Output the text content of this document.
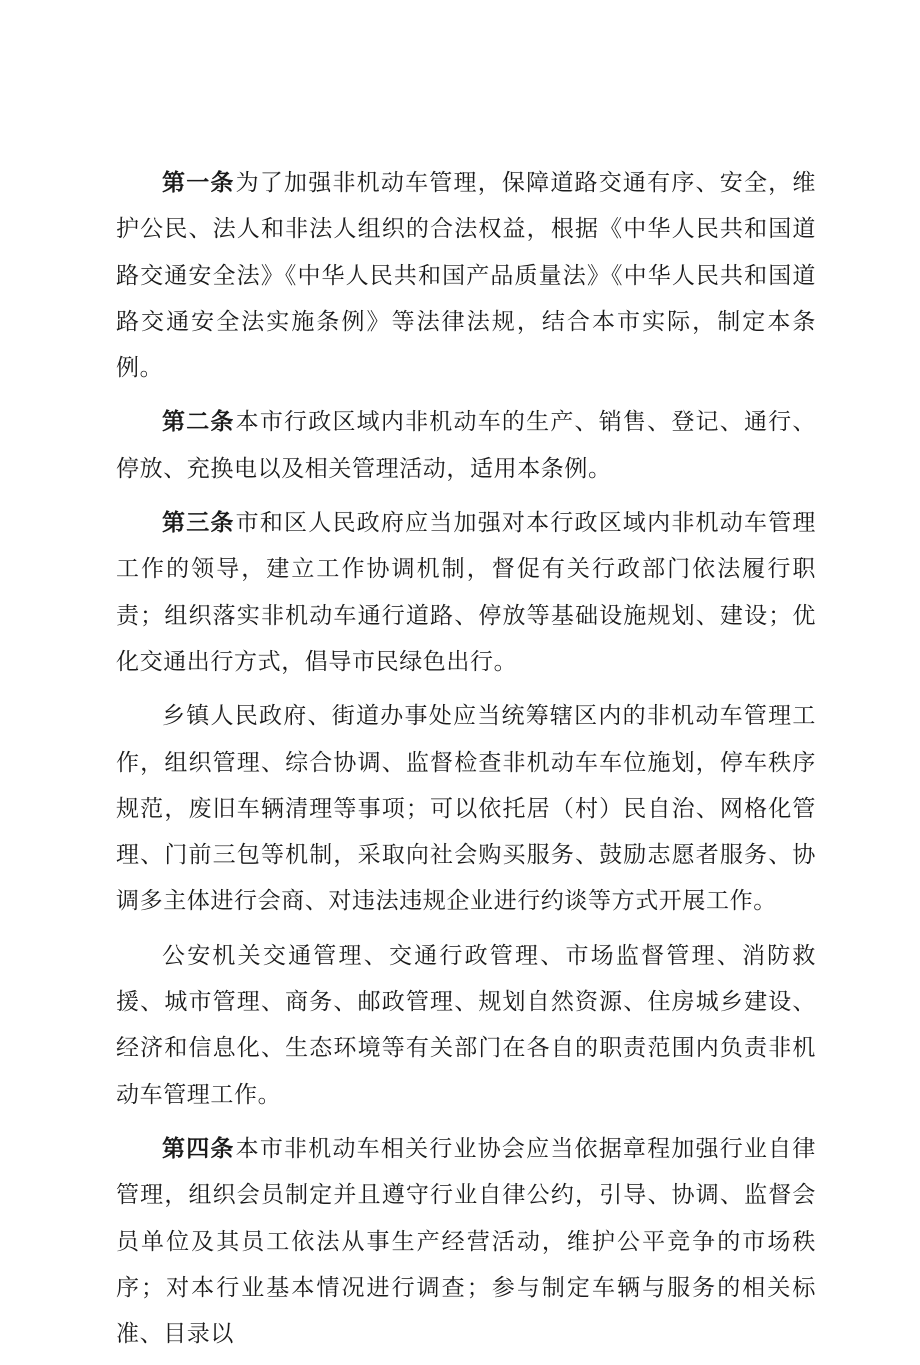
第一条为了加强非机动车管理，保障道路交通有序、安全，维护公民、法人和非法人组织的合法权益，根据《中华人民共和国道路交通安全法》《中华人民共和国产品质量法》《中华人民共和国道路交通安全法实施条例》等法律法规，结合本市实际，制定本条例。

第二条本市行政区域内非机动车的生产、销售、登记、通行、停放、充换电以及相关管理活动，适用本条例。

第三条市和区人民政府应当加强对本行政区域内非机动车管理工作的领导，建立工作协调机制，督促有关行政部门依法履行职责；组织落实非机动车通行道路、停放等基础设施规划、建设；优化交通出行方式，倡导市民绿色出行。

乡镇人民政府、街道办事处应当统筹辖区内的非机动车管理工作，组织管理、综合协调、监督检查非机动车车位施划，停车秩序规范，废旧车辆清理等事项；可以依托居（村）民自治、网格化管理、门前三包等机制，采取向社会购买服务、鼓励志愿者服务、协调多主体进行会商、对违法违规企业进行约谈等方式开展工作。

公安机关交通管理、交通行政管理、市场监督管理、消防救援、城市管理、商务、邮政管理、规划自然资源、住房城乡建设、经济和信息化、生态环境等有关部门在各自的职责范围内负责非机动车管理工作。

第四条本市非机动车相关行业协会应当依据章程加强行业自律管理，组织会员制定并且遵守行业自律公约，引导、协调、监督会员单位及其员工依法从事生产经营活动，维护公平竞争的市场秩序；对本行业基本情况进行调查；参与制定车辆与服务的相关标准、目录以
